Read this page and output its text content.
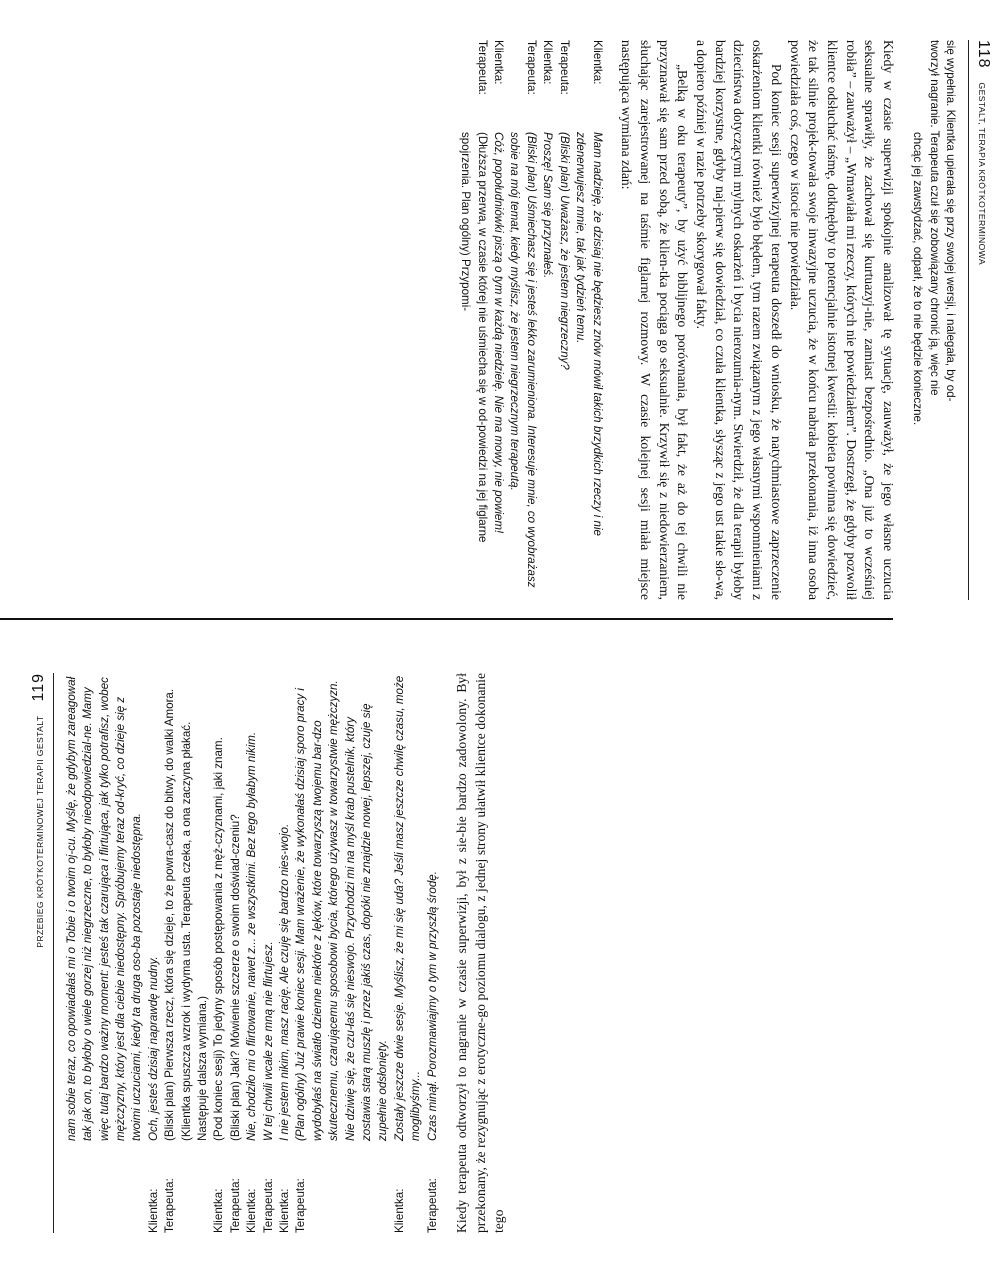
118
GESTALT, TERAPIA KRÓTKOTERMINOWA
się wypełnia. Klientka upierała się przy swojej wersji, i nalegała, by od-
tworzył nagranie. Terapeuta czuł się zobowiązany chronić ją, więc nie
chcąc jej zawstydzać, odparł, że to nie będzie konieczne.

Kiedy w czasie superwizji spokojnie analizował tę sytuację, zauważył, że jego własne uczucia seksualne sprawiły, że zachował się kurtuazyj-nie, zamiast bezpośrednio. „Ona już to wcześniej robiła” – zauważył – „Wmawiała mi rzeczy, których nie powiedziałem”. Dostrzegł, że gdyby pozwolił klientce odsłuchać taśmę, dotknęłoby to potencjalnie istotnej kwestii: kobieta powinna się dowiedzieć, że tak silnie projek-towała swoje inwazyjne uczucia, że w końcu nabrała przekonania, iż inna osoba powiedziała coś, czego w istocie nie powiedziała.

Pod koniec sesji superwizyjnej terapeuta doszedł do wniosku, że natychmiastowe zaprzeczenie oskarżeniom klientki również było błędem, tym razem związanym z jego własnymi wspomnieniami z dzieciństwa dotyczącymi mylnych oskarżeń i bycia nierozumia-nym. Stwierdził, że dla terapii byłoby bardziej korzystne, gdyby naj-pierw się dowiedział, co czuła klientka, słysząc z jego ust takie sło-wa, a dopiero później w razie potrzeby skorygował fakty.

„Belką w oku terapeuty”, by użyć biblijnego porównania, był fakt, że aż do tej chwili nie przyznawał się sam przed sobą, że klien-tka pociąga go seksualnie. Krzywił się z niedowierzaniem, słuchając zarejestrowanej na taśmie figlarnej rozmowy. W czasie kolejnej sesji miała miejsce następująca wymiana zdań:

Klientka:
Mam nadzieję, że dzisiaj nie będziesz znów mówił takich brzydkich rzeczy i nie zdenerwujesz mnie, tak jak tydzień temu.
Terapeuta:
(Bliski plan) Uważasz, że jestem niegrzeczny?
Klientka:
Proszę! Sam się przyznałeś.
Terapeuta:
(Bliski plan) Uśmiechasz się i jesteś lekko zarumieniona. Interesuje mnie, co wyobrażasz sobie na mój temat, kiedy myślisz, że jestem niegrzecznym terapeutą.
Klientka:
Cóż, popołudniówki piszą o tym w każdą niedzielę. Nie ma mowy, nie powiem!
Terapeuta:
(Dłuższa przerwa, w czasie której nie uśmiecha się w od-powiedzi na jej figlarne spojrzenia. Plan ogólny) Przypomi-
PRZEBIEG KRÓTKOTERMINOWEJ TERAPII GESTALT
119 nam sobie teraz, co opowiadałaś mi o Tobie i o twoim oj-cu. Myślę, że gdybym zareagował tak jak on, to byłoby o wiele gorzej niż niegrzeczne, to byłoby nieodpowiedzial-ne. Mamy więc tutaj bardzo ważny moment: jesteś tak czarująca i flirtująca, jak tylko potrafisz, wobec mężczyzny, który jest dla ciebie niedostępny. Spróbujemy teraz od-kryć, co dzieje się z twoimi uczuciami, kiedy ta druga oso-ba pozostaje niedostępna.
Klientka:
Och, jesteś dzisiaj naprawdę nudny.
Terapeuta:
(Bliski plan) Pierwsza rzecz, która się dzieje, to że powra-casz do bitwy, do walki Amora. (Klientka spuszcza wzrok i wydyma usta. Terapeuta czeka, a ona zaczyna płakać. Następuje dalsza wymiana.)
Klientka:
(Pod koniec sesji) To jedyny sposób postępowania z męż-czyznami, jaki znam.
Terapeuta:
(Bliski plan) Jaki? Mówienie szczerze o swoim doświad-czeniu?
Klientka:
Nie, chodziło mi o flirtowanie, nawet z... ze wszystkimi. Bez tego byłabym nikim.
Terapeuta:
W tej chwili wcale ze mną nie flirtujesz.
Klientka:
I nie jestem nikim, masz rację. Ale czuję się bardzo nies-wojo.
Terapeuta:
(Plan ogólny) Już prawie koniec sesji. Mam wrażenie, że wykonałaś dzisiaj sporo pracy i wydobyłaś na światło dzienne niektóre z lęków, które towarzyszą twojemu bar-dzo skutecznemu, czarującemu sposobowi bycia, którego używasz w towarzystwie mężczyzn. Nie dziwię się, że czu-łaś się nieswojo. Przychodzi mi na myśl krab pustelnik, który zostawia starą muszlę i przez jakiś czas, dopóki nie znajdzie nowej, lepszej, czuje się zupełnie odsłonięty.
Klientka:
Zostały jeszcze dwie sesje. Myślisz, że mi się uda? Jeśli masz jeszcze chwilę czasu, może moglibyśmy...
Terapeuta:
Czas minął. Porozmawiajmy o tym w przyszłą środę. Kiedy terapeuta odtworzył to nagranie w czasie superwizji, był z sie-bie bardzo zadowolony. Był przekonany, że rezygnując z erotyczne-go poziomu dialogu, z jednej strony ułatwił klientce dokonanie tego
